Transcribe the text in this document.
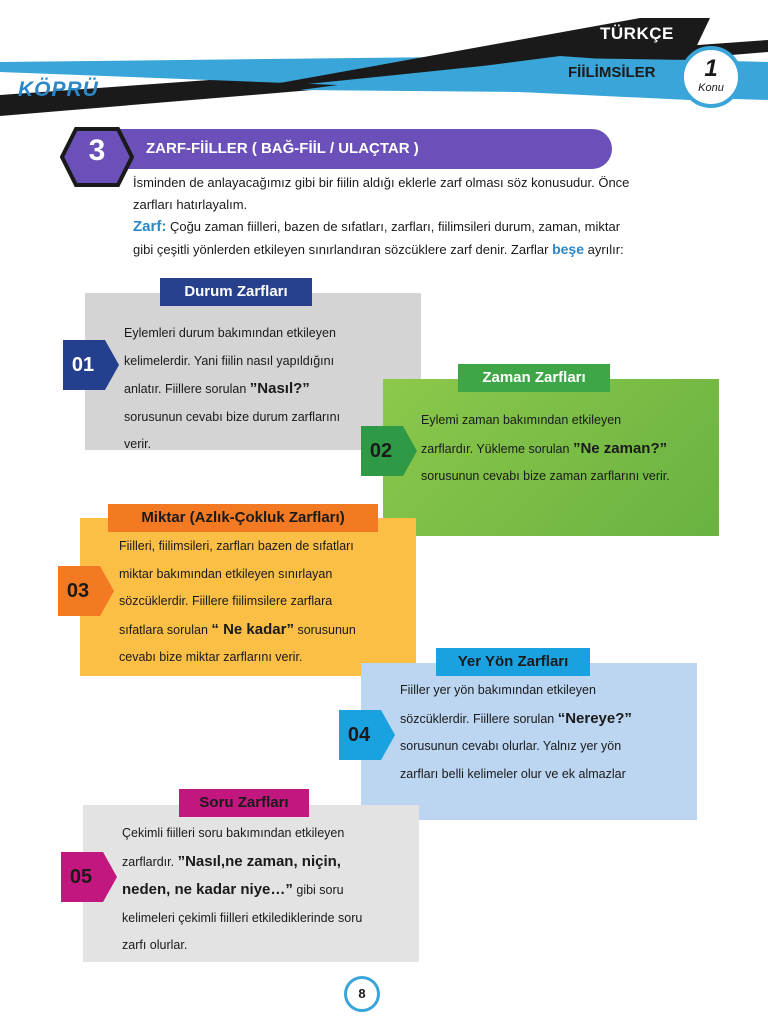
TÜRKÇE
FİİLİMSİLER
KÖPRÜ
1
Konu
3	ZARF-FİİLLER ( BAĞ-FİİL / ULAÇTAR )

İsminden de anlayacağımız gibi bir fiilin aldığı eklerle zarf olması söz konusudur. Önce

zarfları hatırlayalım.

Zarf: Çoğu zaman fiilleri, bazen de sıfatları, zarfları, fiilimsileri durum, zaman, miktar

gibi çeşitli yönlerden etkileyen sınırlandıran sözcüklere zarf denir. Zarflar beşe ayrılır:

Durum Zarfları
01
Eylemleri durum bakımından etkileyen
kelimelerdir. Yani fiilin nasıl yapıldığını
anlatır. Fiillere sorulan ”Nasıl?”
sorusunun cevabı bize durum zarflarını
verir.
Zaman Zarfları
02
Eylemi zaman bakımından etkileyen
zarflardır. Yükleme sorulan ”Ne zaman?”
sorusunun cevabı bize zaman zarflarını verir.
Miktar (Azlık-Çokluk Zarfları)
03
Fiilleri, fiilimsileri, zarfları bazen de sıfatları
miktar bakımından etkileyen sınırlayan
sözcüklerdir. Fiillere fiilimsilere zarflara
sıfatlara sorulan “ Ne kadar” sorusunun
cevabı bize miktar zarflarını verir.	Yer Yön Zarfları
04
Fiiller yer yön bakımından etkileyen
sözcüklerdir. Fiillere sorulan “Nereye?”
sorusunun cevabı olurlar. Yalnız yer yön
zarfları belli kelimeler olur ve ek almazlar
Soru Zarfları
05
Çekimli fiilleri soru bakımından etkileyen
zarflardır. ”Nasıl,ne zaman, niçin,
neden, ne kadar niye…” gibi soru
kelimeleri çekimli fiilleri etkilediklerinde soru
zarfı olurlar.
8
